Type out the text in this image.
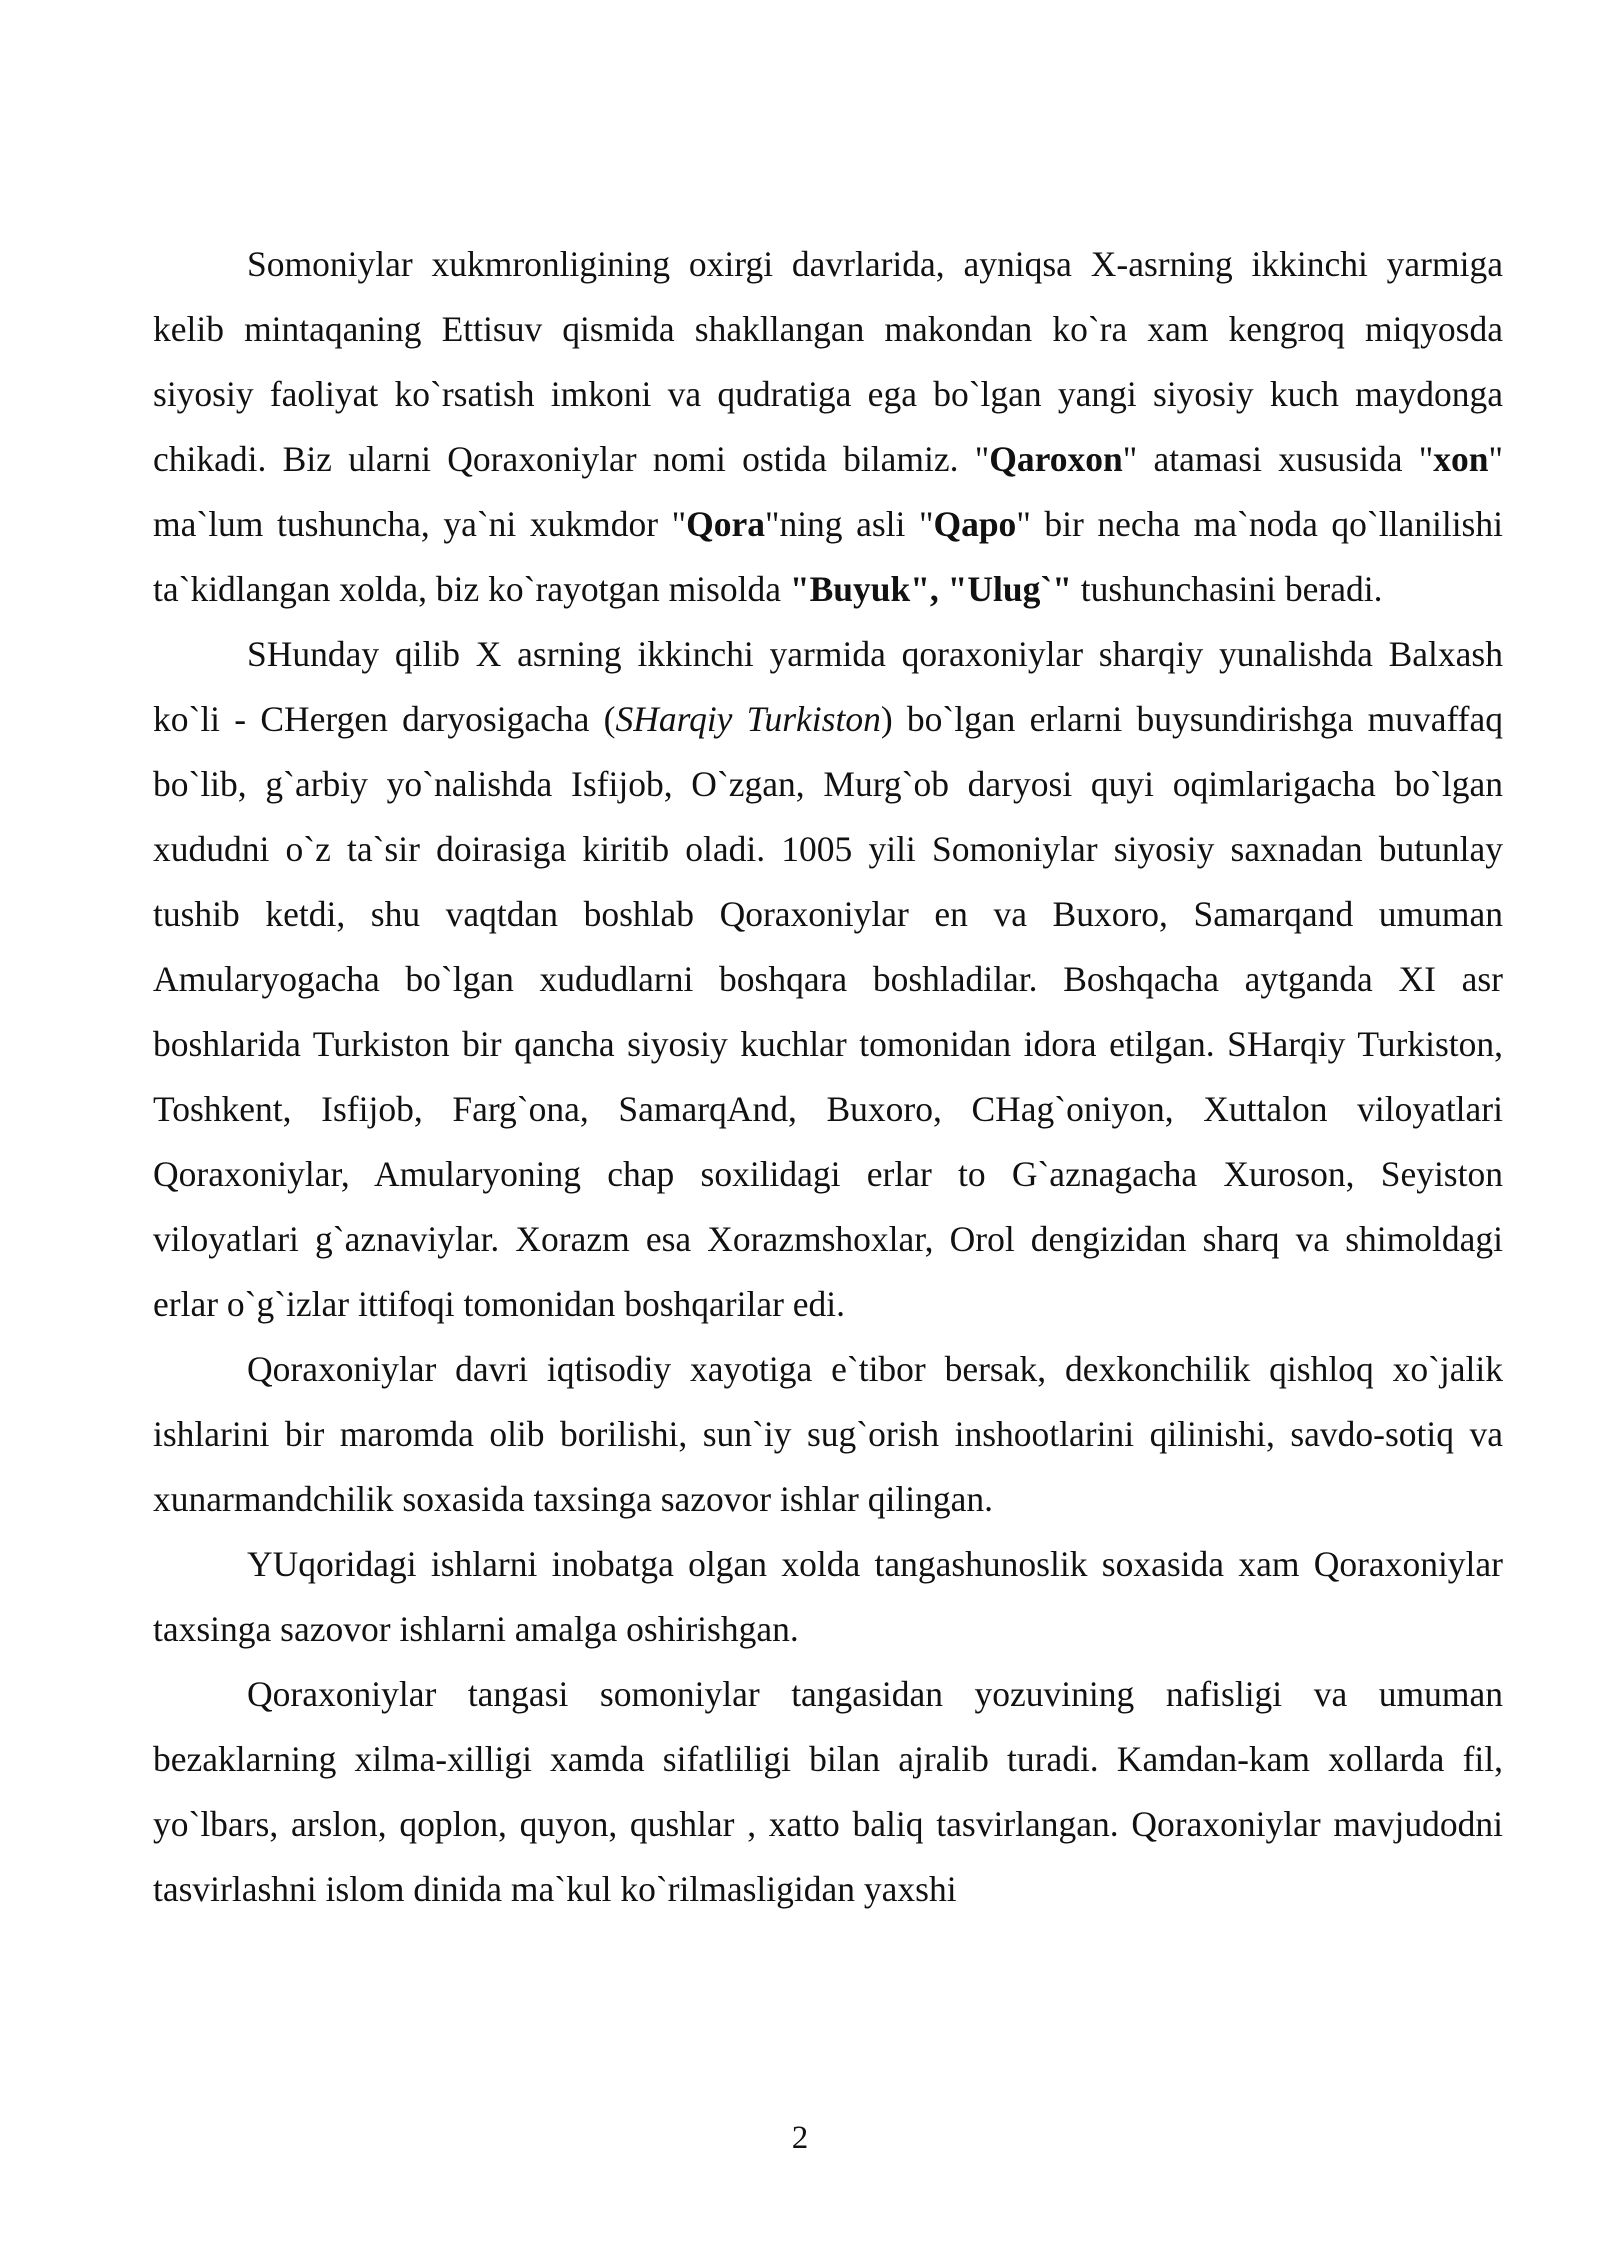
Somoniylar xukmronligining oxirgi davrlarida, ayniqsa X-asrning ikkinchi yarmiga kelib mintaqaning Ettisuv qismida shakllangan makondan ko`ra xam kengroq miqyosda siyosiy faoliyat ko`rsatish imkoni va qudratiga ega bo`lgan yangi siyosiy kuch maydonga chikadi. Biz ularni Qoraxoniylar nomi ostida bilamiz. "Qaroxon" atamasi xususida "xon" ma`lum tushuncha, ya`ni xukmdor "Qora"ning asli "Qapo" bir necha ma`noda qo`llanilishi ta`kidlangan xolda, biz ko`rayotgan misolda "Buyuk", "Ulug`" tushunchasini beradi.

SHunday qilib X asrning ikkinchi yarmida qoraxoniylar sharqiy yunalishda Balxash ko`li - CHergen daryosigacha (SHarqiy Turkiston) bo`lgan erlarni buysundirishga muvaffaq bo`lib, g`arbiy yo`nalishda Isfijob, O`zgan, Murg`ob daryosi quyi oqimlarigacha bo`lgan xududni o`z ta`sir doirasiga kiritib oladi. 1005 yili Somoniylar siyosiy saxnadan butunlay tushib ketdi, shu vaqtdan boshlab Qoraxoniylar en va Buxoro, Samarqand umuman Amularyogacha bo`lgan xududlarni boshqara boshladilar. Boshqacha aytganda XI asr boshlarida Turkiston bir qancha siyosiy kuchlar tomonidan idora etilgan. SHarqiy Turkiston, Toshkent, Isfijob, Farg`ona, SamarqAnd, Buxoro, CHag`oniyon, Xuttalon viloyatlari Qoraxoniylar, Amularyoning chap soxilidagi erlar to G`aznagacha Xuroson, Seyiston viloyatlari g`aznaviylar. Xorazm esa Xorazmshoxlar, Orol dengizidan sharq va shimoldagi erlar o`g`izlar ittifoqi tomonidan boshqarilar edi.

Qoraxoniylar davri iqtisodiy xayotiga e`tibor bersak, dexkonchilik qishloq xo`jalik ishlarini bir maromda olib borilishi, sun`iy sug`orish inshootlarini qilinishi, savdo-sotiq va xunarmandchilik soxasida taxsinga sazovor ishlar qilingan.

YUqoridagi ishlarni inobatga olgan xolda tangashunoslik soxasida xam Qoraxoniylar taxsinga sazovor ishlarni amalga oshirishgan.

Qoraxoniylar tangasi somoniylar tangasidan yozuvining nafisligi va umuman bezaklarning xilma-xilligi xamda sifatliligi bilan ajralib turadi. Kamdan-kam xollarda fil, yo`lbars, arslon, qoplon, quyon, qushlar , xatto baliq tasvirlangan. Qoraxoniylar mavjudodni tasvirlashni islom dinida ma`kul ko`rilmasligidan yaxshi

2
